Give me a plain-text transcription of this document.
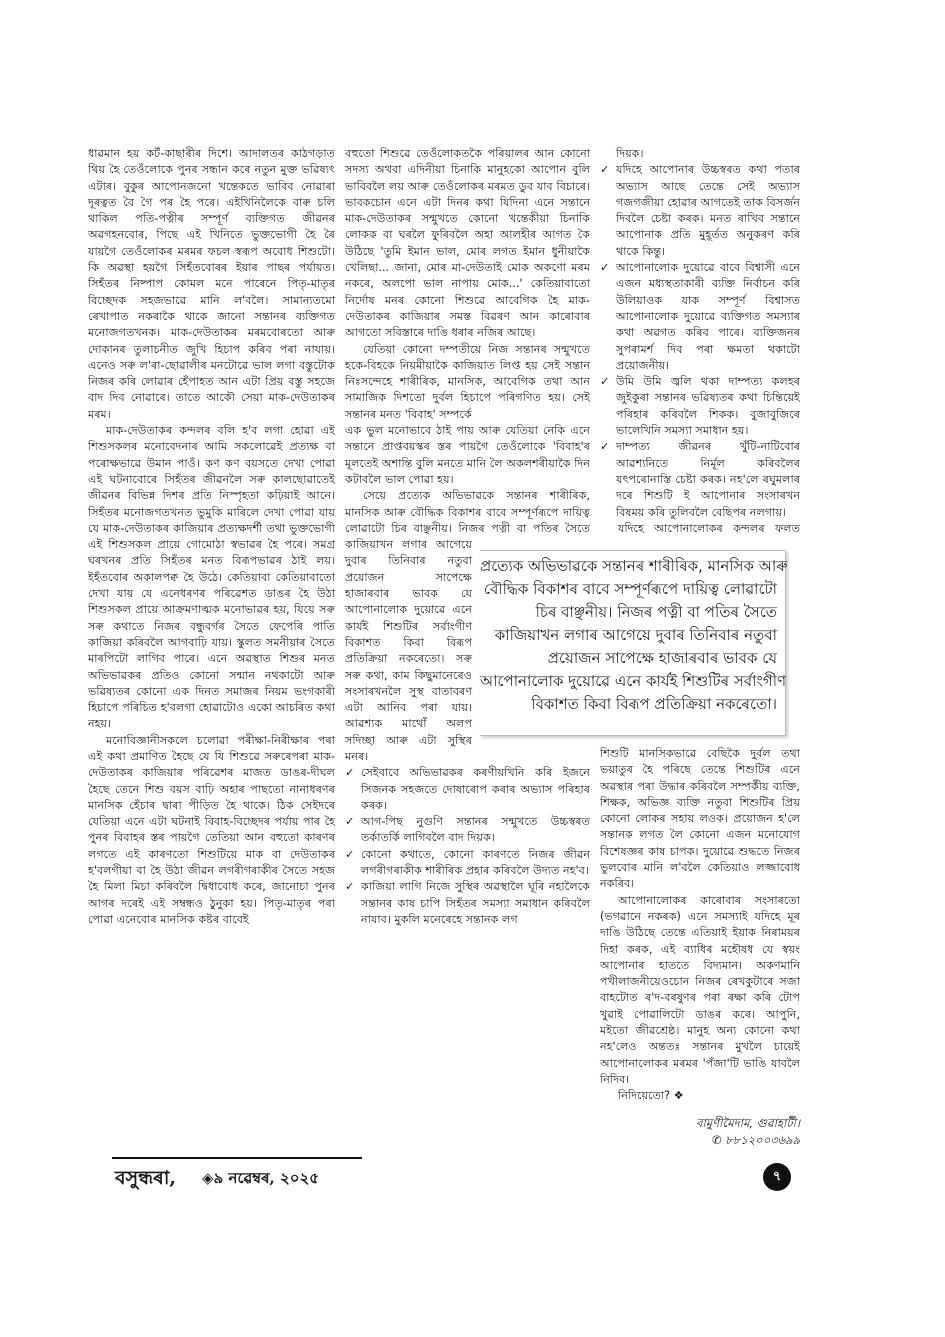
ধাৱমান হয় কৰ্ট-কাছাৰীৰ দিশে। আদালতৰ কাঠগড়াত থিয় হৈ তেওঁলোকে পুনৰ সন্ধান কৰে নতুন মুক্ত ভৱিষ্যৎ এটাৰ। বুকুৰ আপোনজনো খন্তেকতে ভাবিব নোৱাৰা দূৰত্বত বৈ গৈ পৰ হৈ পৰে। এইখিনিলৈকে বাৰু চলি থাকিল পতি-পত্নীৰ সম্পূৰ্ণ ব্যক্তিগত জীৱনৰ অৱগহনবোৰ, পিছে এই খিনিতে ভুক্তভোগী হৈ ৰৈ যায়গৈ তেওঁলোকৰ মৰমৰ ফচল স্বৰূপ অবোধ শিশুটো। কি অৱস্থা হয়গৈ সিহঁতবোৰৰ ইয়াৰ পাছৰ পৰ্যায়ত। সিহঁতৰ নিষ্পাপ কোমল মনে পাৰেনে পিতৃ-মাতৃৰ বিচ্ছেদক সহজভাৱে মানি ল'বলৈ। সামান্যতমো ৰেখাপাত নকৰাকৈ থাকে জানো সন্তানৰ ব্যক্তিগত মনোজগতখনক। মাক-দেউতাকৰ মৰমবোৰতো আৰু দোকানৰ তুলাচনীত জুখি হিচাপ কৰিব পৰা নাযায়। এনেও সৰু ল'ৰা-ছোৱালীৰ মনটোৱে ভাল লগা বস্তুটোক নিজৰ কৰি লোৱাৰ হেঁপাহত আন এটা প্ৰিয় বস্তু সহজে বাদ দিব নোৱাৰে। তাতে আকৌ সেয়া মাক-দেউতাকৰ মৰম।

মাক-দেউতাকৰ কন্দলৰ বলি হ'ব লগা হোৱা এই শিশুসকলৰ মনোবেদনাৰ আমি সকলোৱেই প্ৰত্যক্ষ বা পৰোক্ষভাৱে উমান পাওঁ। কণ কণ বয়সতে দেখা পোৱা এই ঘটনাবোৰে সিহঁতৰ জীৱনলৈ সৰু কালছোৱাতেই জীৱনৰ বিভিন্ন দিশৰ প্ৰতি নিস্পৃহতা কঢ়িয়াই আনে। সিহঁতৰ মনোজগতখনত ভুমুকি মাৰিলে দেখা পোৱা যায় যে মাক-দেউতাকৰ কাজিয়াৰ প্ৰত্যক্ষদৰ্শী তথা ভুক্তভোগী এই শিশুসকল প্ৰায়ে গোমোঠা স্বভাৱৰ হৈ পৰে। সমগ্ৰ ঘৰখনৰ প্ৰতি সিহঁতৰ মনত বিৰূপভাৱৰ ঠাই লয়। ইহঁতবোৰ অকালপক্ব হৈ উঠে। কেতিয়াবা কেতিয়াবাতো দেখা যায় যে এনেধৰণৰ পৰিৱেশত ডাঙৰ হৈ উঠা শিশুসকল প্ৰায়ে আক্ৰমণাত্মক মনোভাৱৰ হয়, যিয়ে সৰু সৰু কথাতে নিজৰ বন্ধুবৰ্গৰ সৈতে ফেপেৰি পাতি কাজিয়া কৰিবলৈ আগবাঢ়ি যায়। স্কুলত সমনীয়াৰ সৈতে মাৰপিটো লাগিব পাৰে। এনে অৱস্থাত শিশুৰ মনত অভিভাৱকৰ প্ৰতিও কোনো সন্মান নথকাটো আৰু ভৱিষ্যতৰ কোনো এক দিনত সমাজৰ নিয়ম ভংগকাৰী হিচাপে পৰিচিত হ'বলগা হোৱাটোও একো আচৰিত কথা নহয়।

মনোবিজ্ঞানীসকলে চলোৱা পৰীক্ষা-নিৰীক্ষাৰ পৰা এই কথা প্ৰমাণিত হৈছে যে যি শিশুৱে সৰুৰেপৰা মাক-দেউতাকৰ কাজিয়াৰ পৰিৱেশৰ মাজত ডাঙৰ-দীঘল হৈছে তেনে শিশু বয়স বাঢ়ি অহাৰ পাছতো নানাধৰণৰ মানসিক হেঁচাৰ দ্বাৰা পীড়িত হৈ থাকে। ঠিক সেইদৰে যেতিয়া এনে এটা ঘটনাই বিবাহ-বিচ্ছেদৰ পৰ্যায় পাৰ হৈ পুনৰ বিবাহৰ স্তৰ পায়গৈ তেতিয়া আন বহুতো কাৰণৰ লগতে এই কাৰণতো শিশুটিয়ে মাক বা দেউতাকৰ হ'বলগীয়া বা হৈ উঠা জীৱন লগৰীগৰাকীৰ সৈতে সহজ হৈ মিলা মিচা কৰিবলৈ দ্বিধাবোধ কৰে, জানোচা পুনৰ আগৰ দৰেই এই সম্বন্ধও ঠুনুকা হয়। পিতৃ-মাতৃৰ পৰা পোৱা এনেবোৰ মানসিক কষ্টৰ বাবেই

বহুতো শিশুৱে তেওঁলোকতকৈ পৰিয়ালৰ আন কোনো সদস্য অথবা এদিনীয়া চিনাকি মানুহকো আপোন বুলি ভাবিবলৈ লয় আৰু তেওঁলোকৰ মৰমত ডুব যাব বিচাৰে। ভাবকচোন এনে এটা দিনৰ কথা যিদিনা এনে সন্তানে মাক-দেউতাকৰ সন্মুখতে কোনো খন্তেকীয়া চিনাকি লোকক বা ঘৰলৈ ফুৰিবলৈ অহা আলহীৰ আগত কৈ উঠিছে 'তুমি ইমান ভাল, মোৰ লগত ইমান ধুনীয়াকৈ খেলিছা... জানা, মোৰ মা-দেউতাই মোক অকণো মৰম নকৰে, অলপো ভাল নাপায় মোক...' কেতিয়াবাতো নিৰ্দোষ মনৰ কোনো শিশুৱে আবেগিক হৈ মাক-দেউতাকৰ কাজিয়াৰ সমস্ত বিৱৰণ আন কাৰোবাৰ আগতো সবিস্তাৰে দাঙি ধৰাৰ নজিৰ আছে।

যেতিয়া কোনো দম্পতীয়ে নিজ সন্তানৰ সন্মুখতে হকে-বিহকে নিয়মীয়াকৈ কাজিয়াত লিপ্ত হয় সেই সন্তান নিঃসন্দেহে শাৰীৰিক, মানসিক, আবেগিক তথা আন সামাজিক দিশতো দুৰ্বল হিচাপে পৰিগণিত হয়। সেই সন্তানৰ মনত 'বিবাহ' সম্পৰ্কে

এক ভুল মনোভাবে ঠাই পায় আৰু যেতিয়া নেকি এনে সন্তানে প্ৰাপ্তবয়স্কৰ স্তৰ পায়গৈ তেওঁলোকে 'বিবাহ'ৰ মূলতেই অশান্তি বুলি মনতে মানি লৈ অকলশৰীয়াকৈ দিন কটাবলৈ ভাল পোৱা হয়।

সেয়ে প্ৰত্যেক অভিভাৱকে সন্তানৰ শাৰীৰিক, মানসিক আৰু বৌদ্ধিক বিকাশৰ বাবে সম্পূৰ্ণৰূপে দায়িত্ব লোৱাটো চিৰ বাঞ্ছনীয়। নিজৰ পত্নী বা পতিৰ সৈতে কাজিয়াখন লগাৰ আগেয়ে দুবাৰ তিনিবাৰ নতুবা প্ৰয়োজন সাপেক্ষে হাজাৰবাৰ ভাবক যে আপোনালোক দুয়োৱে এনে কাৰ্যই শিশুটিৰ সৰ্বাংগীণ বিকাশত কিবা বিৰূপ প্ৰতিক্ৰিয়া নকৰেতো। সৰু সৰু কথা, কাম কিছুমানেৰেও সংসাৰখনলৈ সুস্থ বাতাবৰণ এটা আনিব পৰা যায়। আৱশ্যক মাথোঁ অলপ সদিচ্ছা আৰু এটা সুস্থিৰ মনৰ।

✓ সেইবাবে অভিভাৱকৰ কৰণীয়খিনি কৰি ইজনে সিজনক সহজতে দোষাৰোপ কৰাৰ অভ্যাস পৰিহাৰ কৰক।
✓ আগ-পিছ নুগুণি সন্তানৰ সন্মুখতে উচ্চস্বৰত তৰ্কাতৰ্কি লাগিবলৈ বাদ দিয়ক।
✓ কোনো কথাতে, কোনো কাৰণতে নিজৰ জীৱন লগৰীগৰাকীক শাৰীৰিক প্ৰহাৰ কৰিবলৈ উদ্যত নহ'ব।
✓ কাজিয়া লাগি নিজে সুস্থিৰ অৱস্থালৈ ঘূৰি নহালৈকে সন্তানৰ কাষ চাপি সিহঁতৰ সমস্যা সমাধান কৰিবলৈ নাযাব। মুকলি মনেৰেহে সন্তানক লগ

দিয়ক।

✓ যদিহে আপোনাৰ উচ্চস্বৰত কথা পতাৰ অভ্যাস আছে তেন্তে সেই অভ্যাস গজগজীয়া হোৱাৰ আগতেই তাক বিসৰ্জন দিবলৈ চেষ্টা কৰক। মনত ৰাখিব সন্তানে আপোনাক প্ৰতি মুহূৰ্তত অনুকৰণ কৰি থাকে কিন্তু।
✓ আপোনালোক দুয়োৱে বাবে বিশ্বাসী এনে এজন মধ্যস্থতাকাৰী ব্যক্তি নিৰ্বাচন কৰি উলিয়াওক যাক সম্পূৰ্ণ বিশ্বাসত আপোনালোক দুয়োৱে ব্যক্তিগত সমস্যাৰ কথা অৱগত কৰিব পাৰে। ব্যক্তিজনৰ সুপৰামৰ্শ দিব পৰা ক্ষমতা থকাটো প্ৰয়োজনীয়।
✓ উমি উমি জ্বলি থকা দাম্পত্য কলহৰ জুইকুৰা সন্তানৰ ভৱিষ্যতৰ কথা চিন্তিয়েই পৰিহাৰ কৰিবলৈ শিকক। বুজাবুজিৰে ভালেখিনি সমস্যা সমাধান হয়।
✓ দাম্পত্য জীৱনৰ খুঁটি-নাটিবোৰ আৱশ্যনিতে নিৰ্মূল কৰিবলৈৰ যৎপৰোনাস্তি চেষ্টা কৰক। নহ'লে ৰঘুমলাৰ দৰে শিশুটি ই আপোনাৰ সংসাৰখন বিষময় কৰি তুলিবলৈ বেছিপৰ নলগায়।

যদিহে আপোনালোকৰ কন্দলৰ ফলত শিশুটি মানসিকভাৱে বেছিকৈ দুৰ্বল তথা ভয়াতুৰ হৈ পৰিছে তেন্তে শিশুটিৰ এনে অৱস্থাৰ পৰা উদ্ধাৰ কৰিবলৈ সম্পৰ্কীয় ব্যক্তি, শিক্ষক, অভিজ্ঞ ব্যক্তি নতুবা শিশুটিৰ প্ৰিয় কোনো লোকৰ সহায় লওক। প্ৰয়োজন হ'লে সন্তানক লগত লৈ কোনো এজন মনোযোগ বিশেষজ্ঞৰ কাষ চাপক। দুয়োৱে শুদ্ধতে নিজৰ ভুলবোৰ মানি ল'বলৈ কেতিয়াও লজ্জাবোধ নকৰিব।

আপোনালোকৰ কাৰোবাৰ সংসাৰতো (ভগৱানে নকৰক) এনে সমস্যাই যদিহে মূৰ দাঙি উঠিছে তেন্তে এতিয়াই ইয়াক নিৰাময়ৰ দিহা কৰক, এই ব্যাধিৰ মহৌষধ যে স্বয়ং আপোনাৰ হাততে বিদ্যমান। অকণমানি পখীলাজনীয়েওচোন নিজৰ ৰেখকুটাৰে সজা বাহটোত ৰ'দ-বৰষুণৰ পৰা ৰক্ষা কৰি টোপ খুৱাই পোৱালিটো ডাঙৰ কৰে। আপুনি, মইতো জীৱশ্ৰেষ্ঠ। মানুহ অন্য কোনো কথা নহ'লেও অন্ততঃ সন্তানৰ মুখলৈ চায়েই আপোনালোকৰ মৰমৰ 'পঁজা'টি ভাঙি যাবলৈ নিদিব।

নিদিয়েতো? ❖

বামুণীমৈদাম, গুৱাহাটী।
✆ ৮৮১২০০৩৬৯৯
প্ৰত্যেক অভিভাৱকে সন্তানৰ শাৰীৰিক, মানসিক আৰু
বৌদ্ধিক বিকাশৰ বাবে সম্পূৰ্ণৰূপে দায়িত্ব লোৱাটো
চিৰ বাঞ্ছনীয়। নিজৰ পত্নী বা পতিৰ সৈতে
কাজিয়াখন লগাৰ আগেয়ে দুবাৰ তিনিবাৰ নতুবা
প্ৰয়োজন সাপেক্ষে হাজাৰবাৰ ভাবক যে
আপোনালোক দুয়োৱে এনে কাৰ্যই শিশুটিৰ সৰ্বাংগীণ
বিকাশত কিবা বিৰূপ প্ৰতিক্ৰিয়া নকৰেতো।
বসুন্ধৰা, ◈৯ নৱেম্বৰ, ২০২৫	৭
